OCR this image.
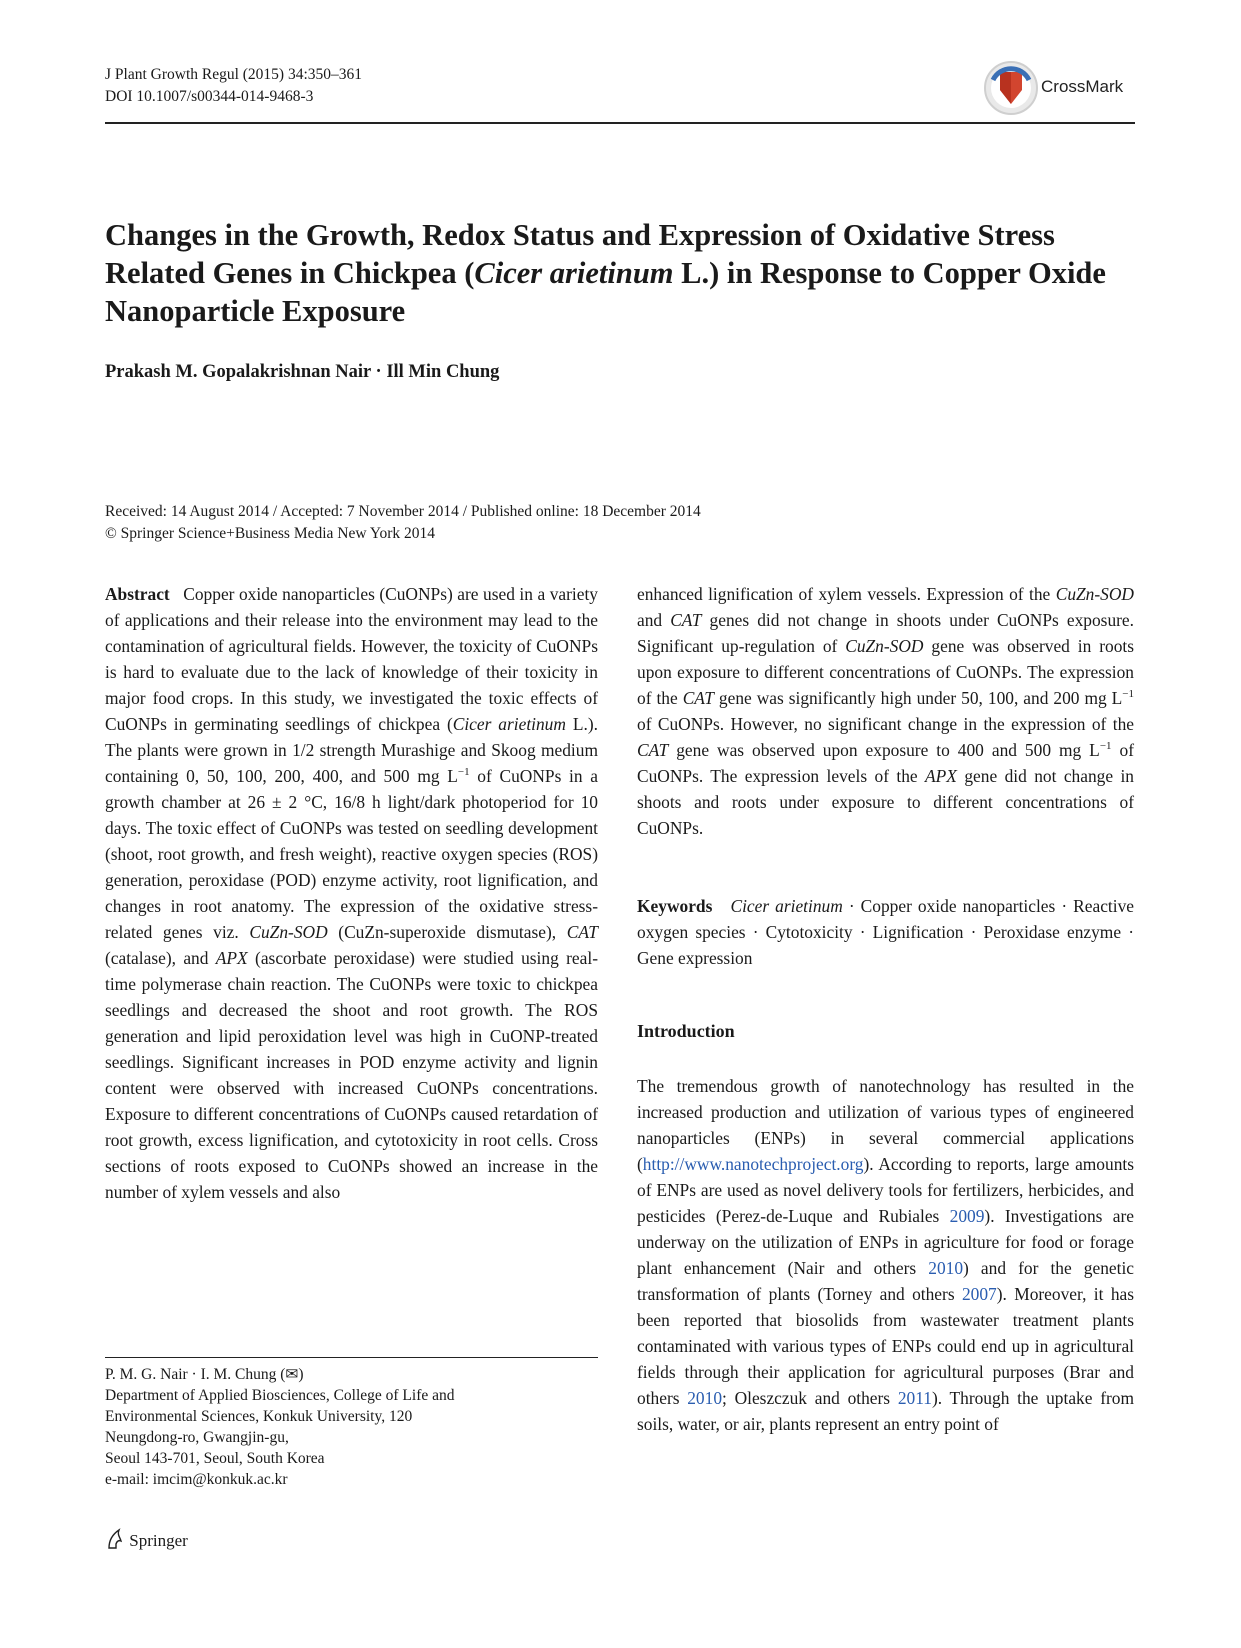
J Plant Growth Regul (2015) 34:350–361
DOI 10.1007/s00344-014-9468-3
CrossMark
Changes in the Growth, Redox Status and Expression of Oxidative Stress Related Genes in Chickpea (Cicer arietinum L.) in Response to Copper Oxide Nanoparticle Exposure
Prakash M. Gopalakrishnan Nair · Ill Min Chung
Received: 14 August 2014 / Accepted: 7 November 2014 / Published online: 18 December 2014
© Springer Science+Business Media New York 2014

Abstract Copper oxide nanoparticles (CuONPs) are used in a variety of applications and their release into the environment may lead to the contamination of agricultural fields. However, the toxicity of CuONPs is hard to evaluate due to the lack of knowledge of their toxicity in major food crops. In this study, we investigated the toxic effects of CuONPs in germinating seedlings of chickpea (Cicer arietinum L.). The plants were grown in 1/2 strength Murashige and Skoog medium containing 0, 50, 100, 200, 400, and 500 mg $L^{-1}$ of CuONPs in a growth chamber at 26 ± 2 °C, 16/8 h light/dark photoperiod for 10 days. The toxic effect of CuONPs was tested on seedling development (shoot, root growth, and fresh weight), reactive oxygen species (ROS) generation, peroxidase (POD) enzyme activity, root lignification, and changes in root anatomy. The expression of the oxidative stress-related genes viz. CuZn-SOD (CuZn-superoxide dismutase), CAT (catalase), and APX (ascorbate peroxidase) were studied using real-time polymerase chain reaction. The CuONPs were toxic to chickpea seedlings and decreased the shoot and root growth. The ROS generation and lipid peroxidation level was high in CuONP-treated seedlings. Significant increases in POD enzyme activity and lignin content were observed with increased CuONPs concentrations. Exposure to different concentrations of CuONPs caused retardation of root growth, excess lignification, and cytotoxicity in root cells. Cross sections of roots exposed to CuONPs showed an increase in the number of xylem vessels and also

enhanced lignification of xylem vessels. Expression of the CuZn-SOD and CAT genes did not change in shoots under CuONPs exposure. Significant up-regulation of CuZn-SOD gene was observed in roots upon exposure to different concentrations of CuONPs. The expression of the CAT gene was significantly high under 50, 100, and 200 mg $L^{-1}$ of CuONPs. However, no significant change in the expression of the CAT gene was observed upon exposure to 400 and 500 mg $L^{-1}$ of CuONPs. The expression levels of the APX gene did not change in shoots and roots under exposure to different concentrations of CuONPs.

Keywords Cicer arietinum · Copper oxide nanoparticles · Reactive oxygen species · Cytotoxicity · Lignification · Peroxidase enzyme · Gene expression
Introduction
The tremendous growth of nanotechnology has resulted in the increased production and utilization of various types of engineered nanoparticles (ENPs) in several commercial applications (http://www.nanotechproject.org). According to reports, large amounts of ENPs are used as novel delivery tools for fertilizers, herbicides, and pesticides (Perez-de-Luque and Rubiales 2009). Investigations are underway on the utilization of ENPs in agriculture for food or forage plant enhancement (Nair and others 2010) and for the genetic transformation of plants (Torney and others 2007). Moreover, it has been reported that biosolids from wastewater treatment plants contaminated with various types of ENPs could end up in agricultural fields through their application for agricultural purposes (Brar and others 2010; Oleszczuk and others 2011). Through the uptake from soils, water, or air, plants represent an entry point of
P. M. G. Nair · I. M. Chung (✉)
Department of Applied Biosciences, College of Life and
Environmental Sciences, Konkuk University, 120
Neungdong-ro, Gwangjin-gu,
Seoul 143-701, Seoul, South Korea
e-mail: imcim@konkuk.ac.kr
Springer
